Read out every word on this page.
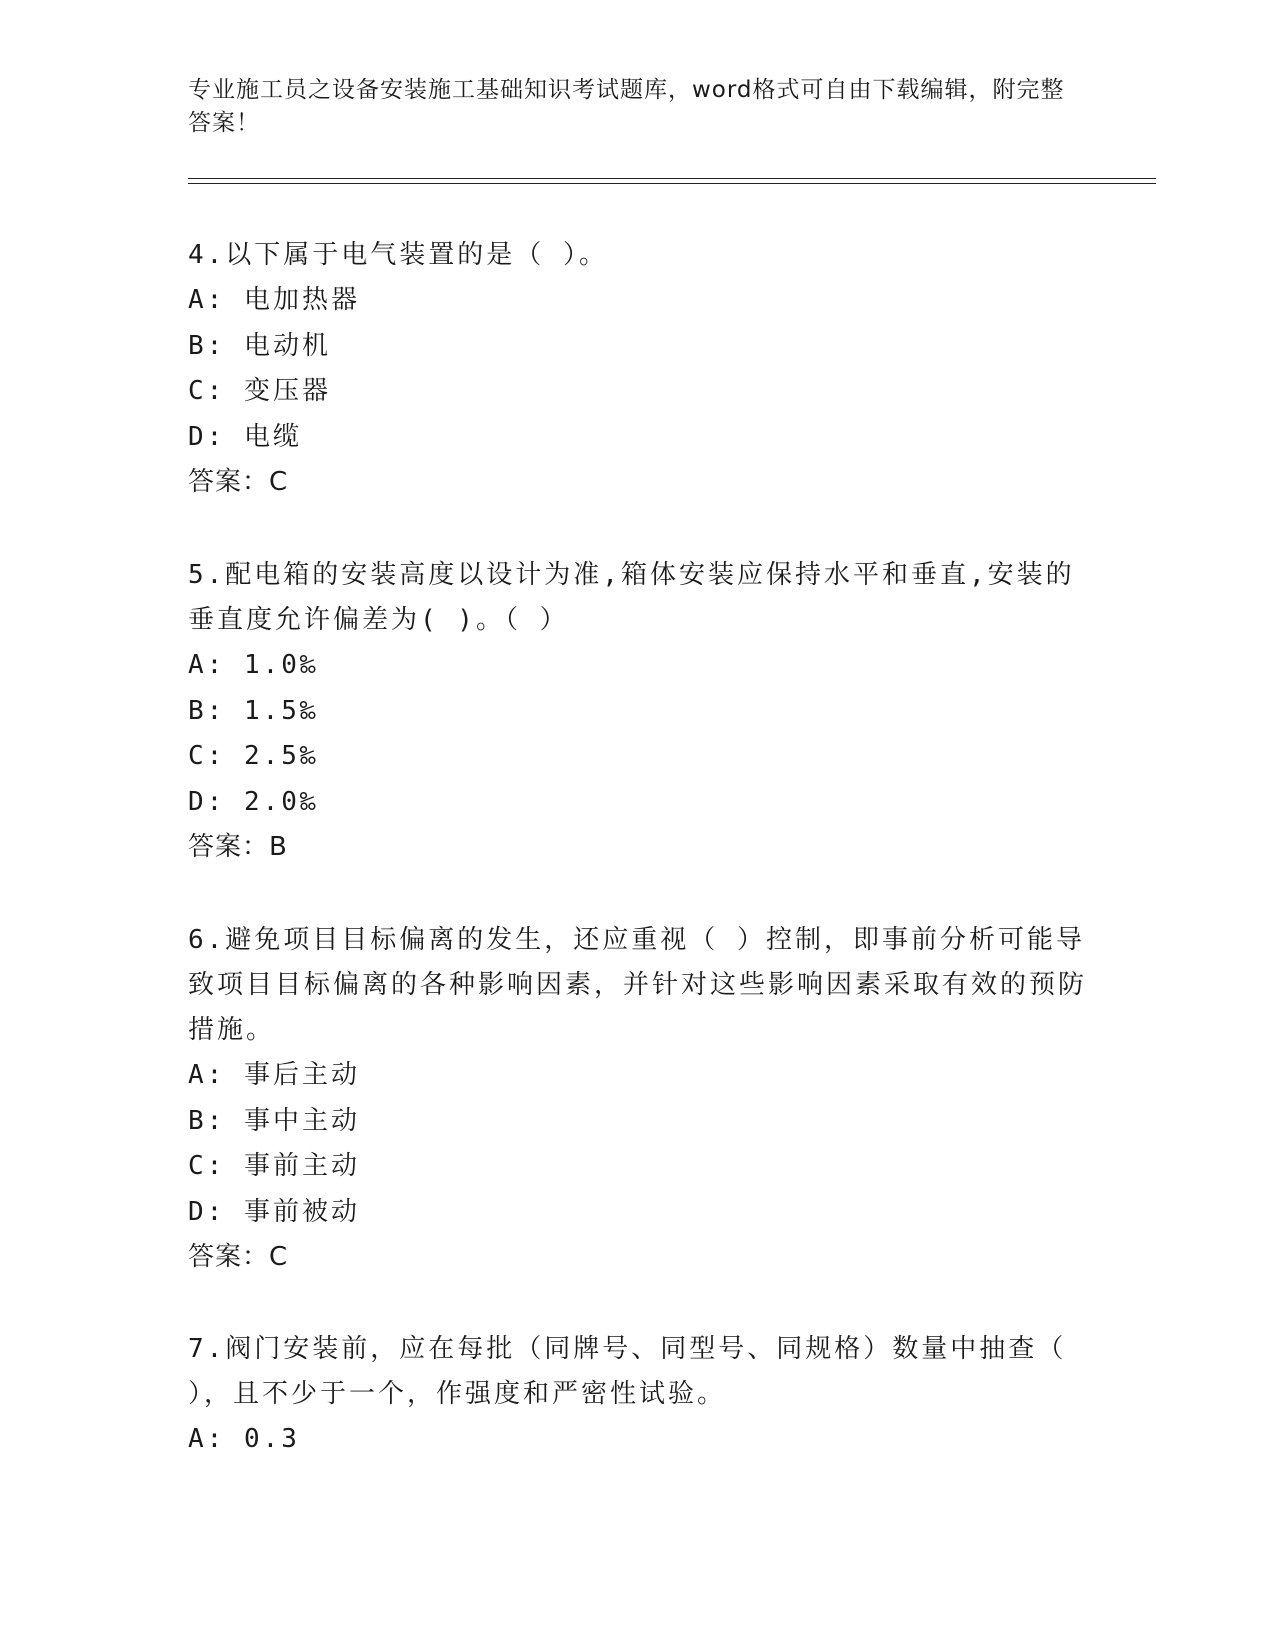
专业施工员之设备安装施工基础知识考试题库，word格式可自由下载编辑，附完整答案！

4.以下属于电气装置的是（ ）。

A: 电加热器

B: 电动机

C: 变压器

D: 电缆

答案：C

5.配电箱的安装高度以设计为准,箱体安装应保持水平和垂直,安装的垂直度允许偏差为( )。（ ）

A: 1.0‰

B: 1.5‰

C: 2.5‰

D: 2.0‰

答案：B

6.避免项目目标偏离的发生，还应重视（ ）控制，即事前分析可能导致项目目标偏离的各种影响因素，并针对这些影响因素采取有效的预防措施。

A: 事后主动

B: 事中主动

C: 事前主动

D: 事前被动

答案：C

7.阀门安装前，应在每批（同牌号、同型号、同规格）数量中抽查（ ），且不少于一个，作强度和严密性试验。

A: 0.3
